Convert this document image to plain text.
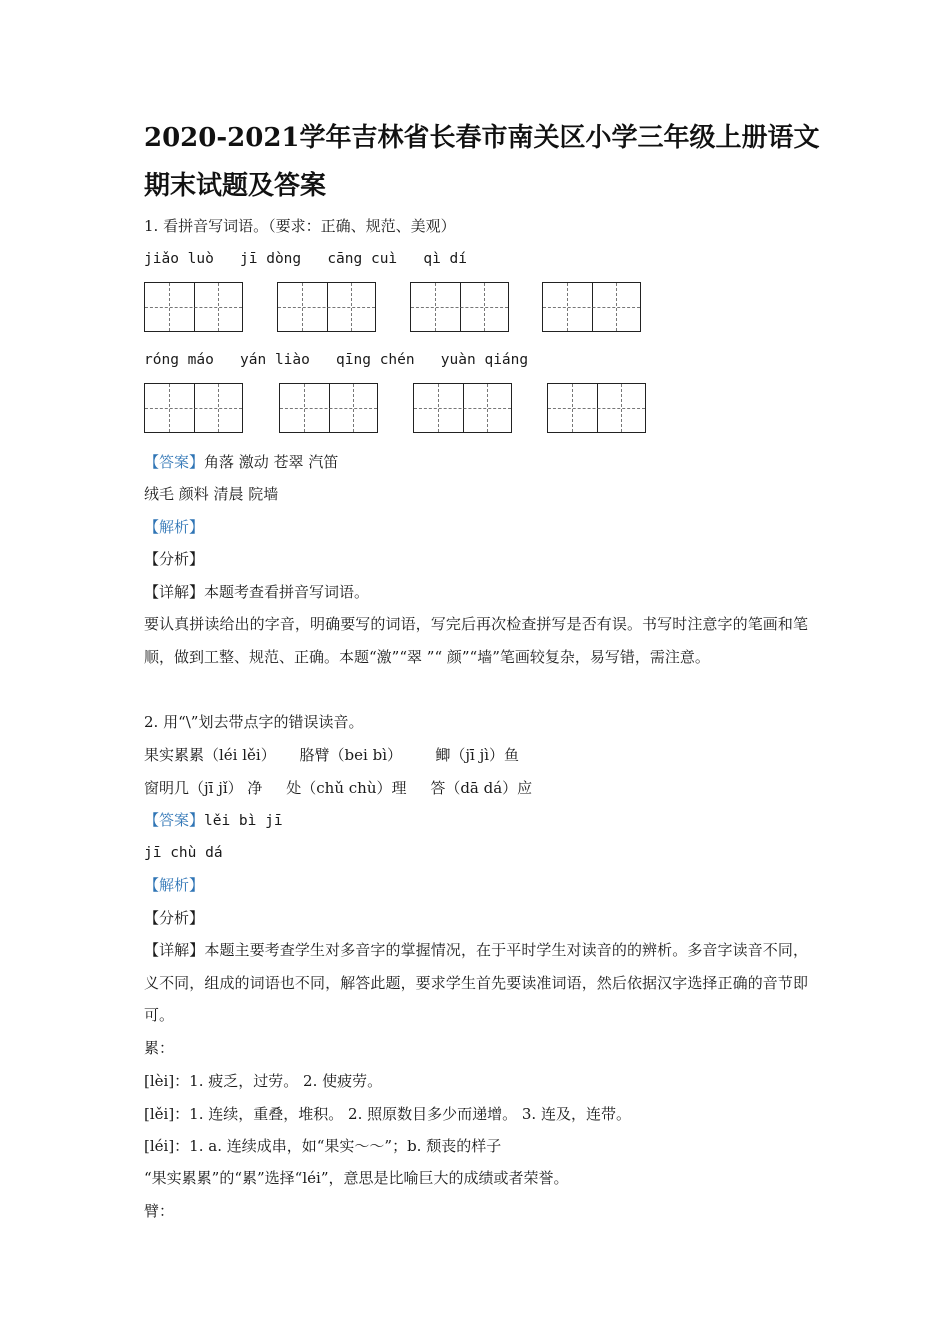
2020-2021学年吉林省长春市南关区小学三年级上册语文期末试题及答案
1. 看拼音写词语。（要求：正确、规范、美观）
jiǎo luò   jī dòng   cāng cuì   qì dí
róng máo   yán liào   qīng chén   yuàn qiáng
【答案】角落 激动 苍翠 汽笛
绒毛 颜料 清晨 院墙
【解析】
【分析】
【详解】本题考查看拼音写词语。
要认真拼读给出的字音，明确要写的词语，写完后再次检查拼写是否有误。书写时注意字的笔画和笔顺，做到工整、规范、正确。本题“激”“翠 ”“ 颜”“墙”笔画较复杂，易写错，需注意。
2. 用“\”划去带点字的错误读音。
果实累累（léi lěi）     胳臂（bei bì）       鲫（jī jì）鱼
窗明几（jī jǐ） 净     处（chǔ chù）理     答（dā dá）应
【答案】lěi bì jī
jī chù dá
【解析】
【分析】
【详解】本题主要考查学生对多音字的掌握情况，在于平时学生对读音的的辨析。多音字读音不同，义不同，组成的词语也不同，解答此题，要求学生首先要读准词语，然后依据汉字选择正确的音节即可。
累：
[lèi]：1. 疲乏，过劳。 2. 使疲劳。
[lěi]：1. 连续，重叠，堆积。 2. 照原数目多少而递增。 3. 连及，连带。
[léi]：1. a. 连续成串，如“果实～～”；b. 颓丧的样子
“果实累累”的“累”选择“léi”，意思是比喻巨大的成绩或者荣誉。
臂：
